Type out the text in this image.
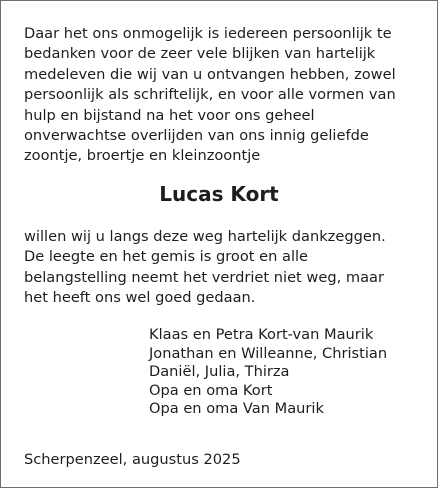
Daar het ons onmogelijk is iedereen persoonlijk te
bedanken voor de zeer vele blijken van hartelijk
medeleven die wij van u ontvangen hebben, zowel
persoonlijk als schriftelijk, en voor alle vormen van
hulp en bijstand na het voor ons geheel
onverwachtse overlijden van ons innig geliefde
zoontje, broertje en kleinzoontje

Lucas Kort

willen wij u langs deze weg hartelijk dankzeggen.
De leegte en het gemis is groot en alle
belangstelling neemt het verdriet niet weg, maar
het heeft ons wel goed gedaan.

Klaas en Petra Kort-van Maurik
Jonathan en Willeanne, Christian
Daniël, Julia, Thirza
Opa en oma Kort
Opa en oma Van Maurik

Scherpenzeel, augustus 2025
